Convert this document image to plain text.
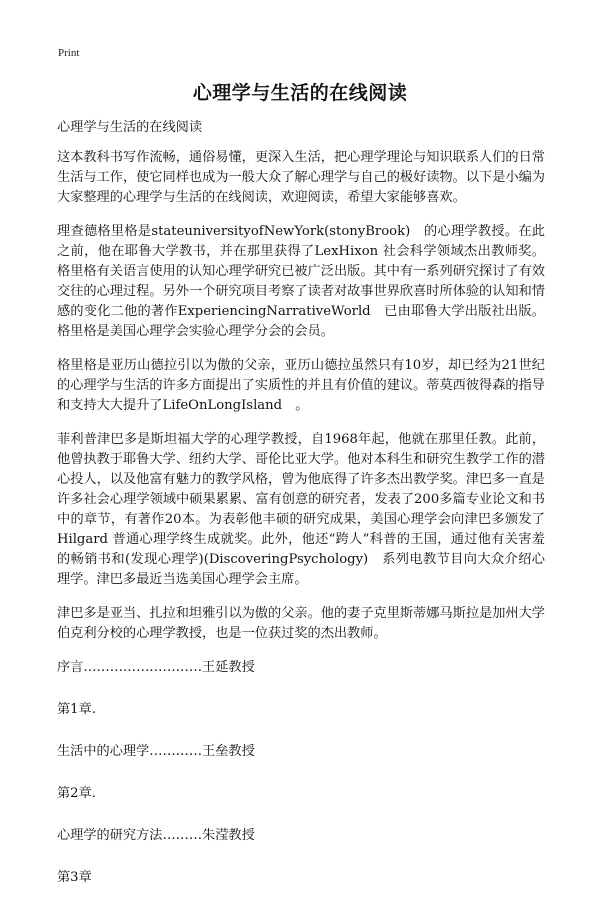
Print
心理学与生活的在线阅读

心理学与生活的在线阅读

这本教科书写作流畅，通俗易懂，更深入生活，把心理学理论与知识联系人们的日常生活与工作，使它同样也成为一般大众了解心理学与自己的极好读物。以下是小编为大家整理的心理学与生活的在线阅读，欢迎阅读，希望大家能够喜欢。

理查德格里格是stateuniversityofNewYork(stonyBrook)　的心理学教授。在此之前，他在耶鲁大学教书，并在那里获得了LexHixon 社会科学领域杰出教师奖。格里格有关语言使用的认知心理学研究已被广泛出版。其中有一系列研究探讨了有效交往的心理过程。另外一个研究项目考察了读者对故事世界欣喜时所体验的认知和情感的变化二他的著作ExperiencingNarrativeWorld　已由耶鲁大学出版社出版。格里格是美国心理学会实验心理学分会的会员。

格里格是亚历山德拉引以为傲的父亲，亚历山德拉虽然只有10岁，却已经为21世纪的心理学与生活的许多方面提出了实质性的并且有价值的建议。蒂莫西彼得森的指导和支持大大提升了LifeOnLongIsland　。

菲利普津巴多是斯坦福大学的心理学教授，自1968年起，他就在那里任教。此前，他曾执教于耶鲁大学、纽约大学、哥伦比亚大学。他对本科生和研究生教学工作的潜心投人，以及他富有魅力的教学风格，曾为他底得了许多杰出教学奖。津巴多一直是许多社会心理学领域中硕果累累、富有创意的研究者，发表了200多篇专业论文和书中的章节，有著作20本。为表彰他丰硕的研究成果，美国心理学会向津巴多颁发了Hilgard 普通心理学终生成就奖。此外，他还“跨人”科普的王国，通过他有关害羞的畅销书和(发现心理学)(DiscoveringPsychology)　系列电教节目向大众介绍心理学。津巴多最近当选美国心理学会主席。

津巴多是亚当、扎拉和坦雅引以为傲的父亲。他的妻子克里斯蒂娜马斯拉是加州大学伯克利分校的心理学教授，也是一位获过奖的杰出教师。

序言………………………王延教授
第1章.
生活中的心理学…………王垒教授
第2章.
心理学的研究方法………朱滢教授
第3章
